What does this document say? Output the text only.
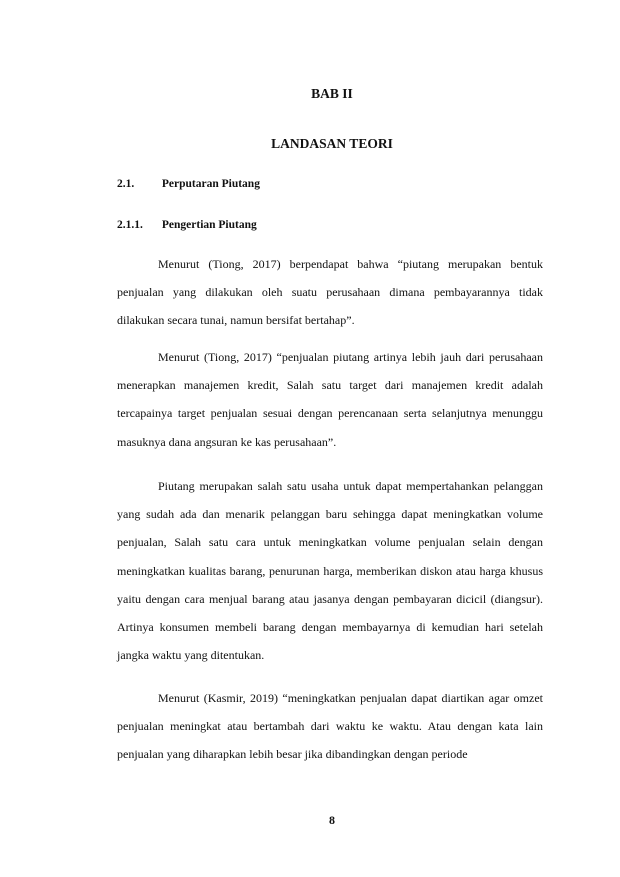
BAB II
LANDASAN TEORI
2.1. Perputaran Piutang
2.1.1. Pengertian Piutang

Menurut (Tiong, 2017) berpendapat bahwa “piutang merupakan bentuk penjualan yang dilakukan oleh suatu perusahaan dimana pembayarannya tidak dilakukan secara tunai, namun bersifat bertahap”.

Menurut (Tiong, 2017) “penjualan piutang artinya lebih jauh dari perusahaan menerapkan manajemen kredit, Salah satu target dari manajemen kredit adalah tercapainya target penjualan sesuai dengan perencanaan serta selanjutnya menunggu masuknya dana angsuran ke kas perusahaan”.

Piutang merupakan salah satu usaha untuk dapat mempertahankan pelanggan yang sudah ada dan menarik pelanggan baru sehingga dapat meningkatkan volume penjualan, Salah satu cara untuk meningkatkan volume penjualan selain dengan meningkatkan kualitas barang, penurunan harga, memberikan diskon atau harga khusus yaitu dengan cara menjual barang atau jasanya dengan pembayaran dicicil (diangsur). Artinya konsumen membeli barang dengan membayarnya di kemudian hari setelah jangka waktu yang ditentukan.

Menurut (Kasmir, 2019) “meningkatkan penjualan dapat diartikan agar omzet penjualan meningkat atau bertambah dari waktu ke waktu. Atau dengan kata lain penjualan yang diharapkan lebih besar jika dibandingkan dengan periode

8
